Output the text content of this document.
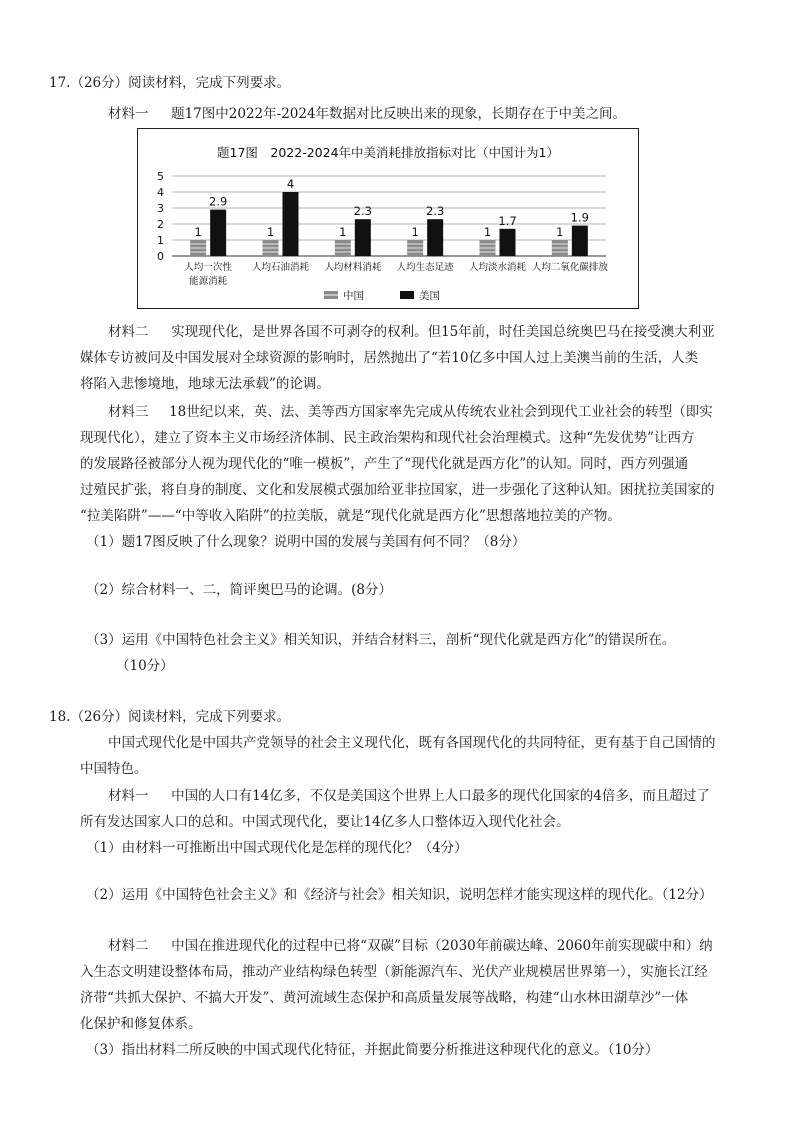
17.（26分）阅读材料，完成下列要求。
材料一 题17图中2022年-2024年数据对比反映出来的现象，长期存在于中美之间。
题17图　2022-2024年中美消耗排放指标对比（中国计为1）
0
1
2
3
4
5
1
2.9
人均一次性
能源消耗
1
4
人均石油消耗
1
2.3
人均材料消耗
1
2.3
人均生态足迹
1
1.7
人均淡水消耗
1
1.9
人均二氧化碳排放
中国	美国
材料二 实现现代化，是世界各国不可剥夺的权利。但15年前，时任美国总统奥巴马在接受澳大利亚
媒体专访被问及中国发展对全球资源的影响时，居然抛出了“若10亿多中国人过上美澳当前的生活，人类
将陷入悲惨境地，地球无法承载”的论调。
材料三 18世纪以来，英、法、美等西方国家率先完成从传统农业社会到现代工业社会的转型（即实
现现代化），建立了资本主义市场经济体制、民主政治架构和现代社会治理模式。这种“先发优势”让西方
的发展路径被部分人视为现代化的“唯一模板”，产生了“现代化就是西方化”的认知。同时，西方列强通
过殖民扩张，将自身的制度、文化和发展模式强加给亚非拉国家，进一步强化了这种认知。困扰拉美国家的
“拉美陷阱”——“中等收入陷阱”的拉美版，就是“现代化就是西方化”思想落地拉美的产物。
（1）题17图反映了什么现象？说明中国的发展与美国有何不同？（8分）
（2）综合材料一、二，简评奥巴马的论调。(8分）
（3）运用《中国特色社会主义》相关知识，并结合材料三，剖析“现代化就是西方化”的错误所在。
（10分）
18.（26分）阅读材料，完成下列要求。
中国式现代化是中国共产党领导的社会主义现代化，既有各国现代化的共同特征，更有基于自己国情的
中国特色。
材料一 中国的人口有14亿多，不仅是美国这个世界上人口最多的现代化国家的4倍多，而且超过了
所有发达国家人口的总和。中国式现代化，要让14亿多人口整体迈入现代化社会。
（1）由材料一可推断出中国式现代化是怎样的现代化？（4分）
（2）运用《中国特色社会主义》和《经济与社会》相关知识，说明怎样才能实现这样的现代化。（12分）
材料二 中国在推进现代化的过程中已将“双碳”目标（2030年前碳达峰、2060年前实现碳中和）纳
入生态文明建设整体布局，推动产业结构绿色转型（新能源汽车、光伏产业规模居世界第一），实施长江经
济带“共抓大保护、不搞大开发”、黄河流域生态保护和高质量发展等战略，构建“山水林田湖草沙”一体
化保护和修复体系。
（3）指出材料二所反映的中国式现代化特征，并据此简要分析推进这种现代化的意义。（10分）
